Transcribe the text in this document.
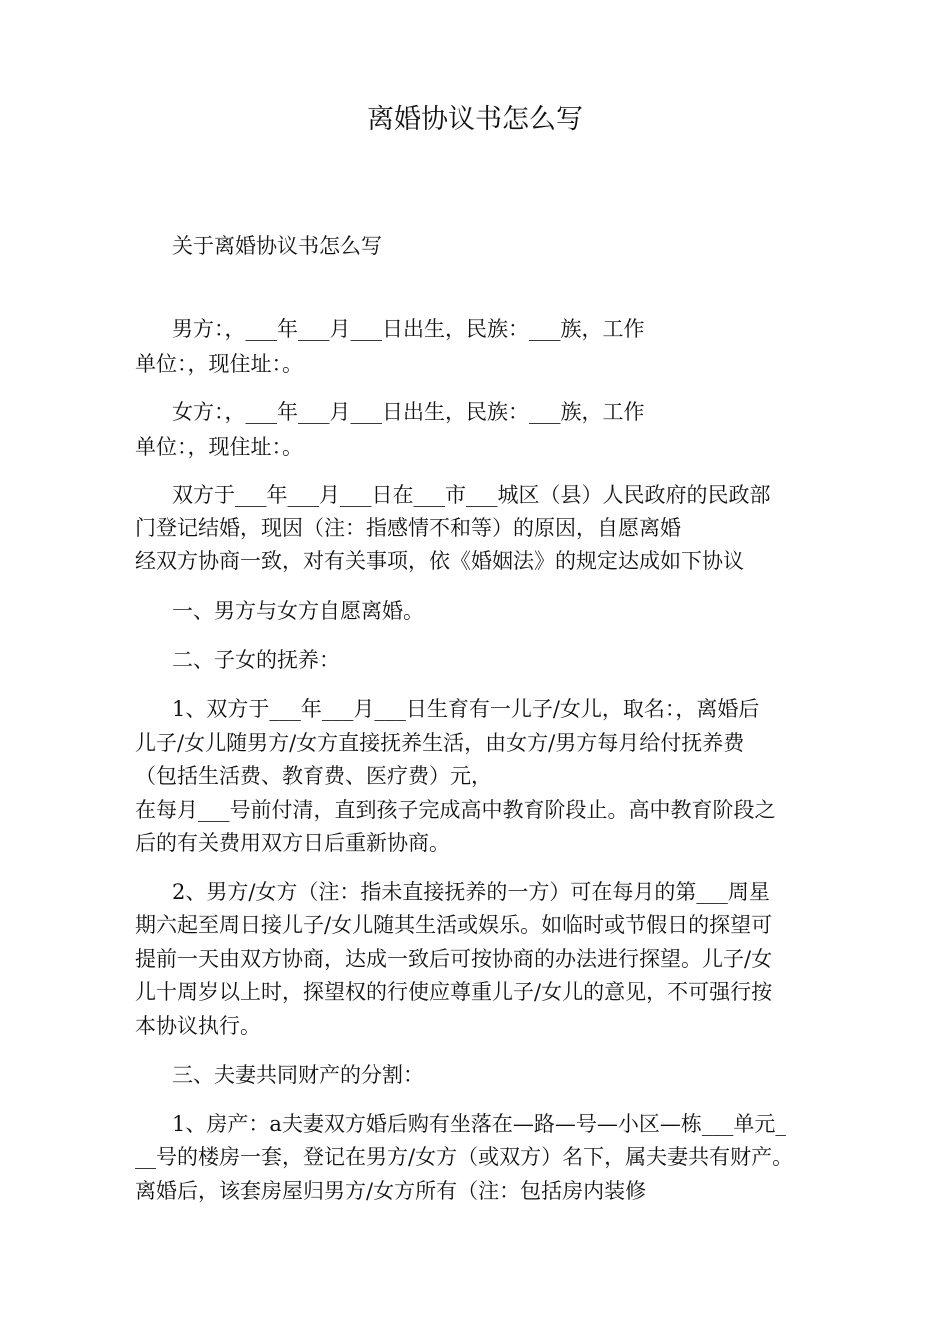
离婚协议书怎么写

关于离婚协议书怎么写

男方：，___年___月___日出生，民族：___族，工作

单位：，现住址：。

女方：，___年___月___日出生，民族：___族，工作

单位：，现住址：。

双方于___年___月___日在___市___城区（县）人民政府的民政部

门登记结婚，现因（注：指感情不和等）的原因，自愿离婚

经双方协商一致，对有关事项，依《婚姻法》的规定达成如下协议

一、男方与女方自愿离婚。

二、子女的抚养：

1、双方于___年___月___日生育有一儿子/女儿，取名：，离婚后

儿子/女儿随男方/女方直接抚养生活，由女方/男方每月给付抚养费

（包括生活费、教育费、医疗费）元，

在每月___号前付清，直到孩子完成高中教育阶段止。高中教育阶段之

后的有关费用双方日后重新协商。

2、男方/女方（注：指未直接抚养的一方）可在每月的第___周星

期六起至周日接儿子/女儿随其生活或娱乐。如临时或节假日的探望可

提前一天由双方协商，达成一致后可按协商的办法进行探望。儿子/女

儿十周岁以上时，探望权的行使应尊重儿子/女儿的意见，不可强行按

本协议执行。

三、夫妻共同财产的分割：

1、房产：a夫妻双方婚后购有坐落在—路—号—小区—栋___单元_

__号的楼房一套，登记在男方/女方（或双方）名下，属夫妻共有财产。

离婚后，该套房屋归男方/女方所有（注：包括房内装修
